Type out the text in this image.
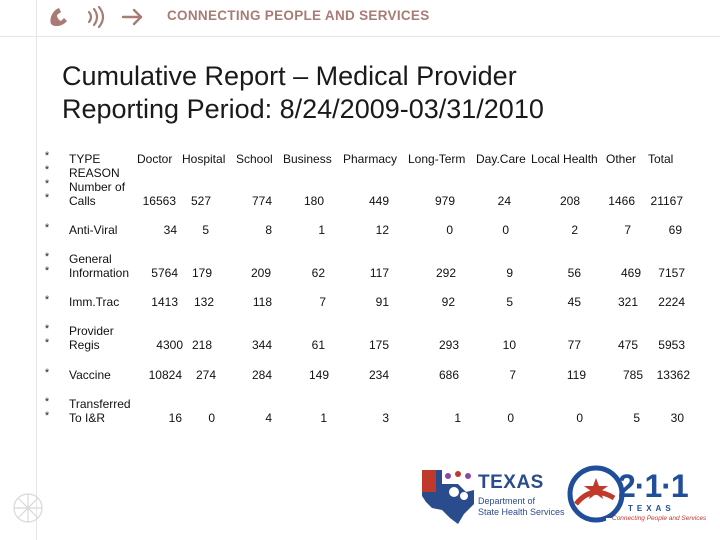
CONNECTING PEOPLE AND SERVICES
Cumulative Report – Medical Provider
Reporting Period: 8/24/2009-03/31/2010
*
*
*
*
*
*
*
*
*
*
*
*
*
TYPE	Doctor Hospital School Business Pharmacy Long-Term Day.Care Local Health Other Total
REASON
Number of
Calls	16563 527	774	180	449	979	24	208 1466 21167
Anti-Viral	34 5	8	1	12	0	0	2	7	69
General
Information 5764 179	209	62	117	292	9	56	469 7157
Imm.Trac	1413 132	118	7	91	92	5	45	321 2224
Provider
Regis	4300 218	344	61	175	293	10	77	475 5953
Vaccine	10824 274	284	149	234	686	7	119	785 13362
Transferred
To I&R	16 0	4	1	3	1	0	0	5	30
TEXAS
Department of
State Health Services
2·1·1
TEXAS
Connecting People and Services
